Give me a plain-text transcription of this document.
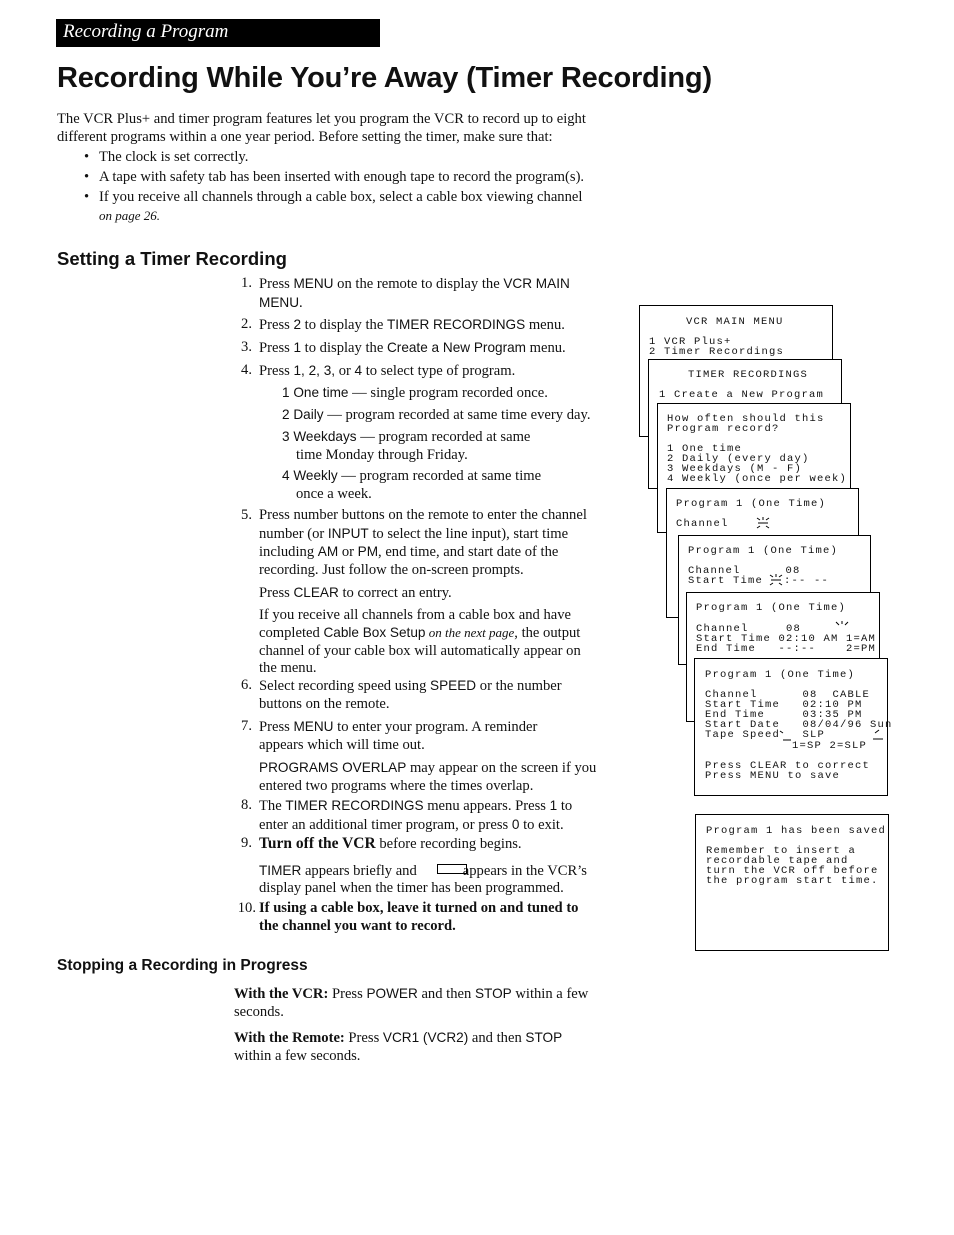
Recording a Program
Recording While You’re Away (Timer Recording)
The VCR Plus+ and timer program features let you program the VCR to record up to eight
different programs within a one year period. Before setting the timer, make sure that:
• The clock is set correctly.
• A tape with safety tab has been inserted with enough tape to record the program(s).
• If you receive all channels through a cable box, select a cable box viewing channel
on page 26.
Setting a Timer Recording
1. Press MENU on the remote to display the VCR MAIN
MENU.
2. Press 2 to display the TIMER RECORDINGS menu.
3. Press 1 to display the Create a New Program menu.
4. Press 1, 2, 3, or 4 to select type of program.
1 One time — single program recorded once.
2 Daily — program recorded at same time every day.
3 Weekdays — program recorded at same
time Monday through Friday.
4 Weekly — program recorded at same time
once a week.
5. Press number buttons on the remote to enter the channel
number (or INPUT to select the line input), start time
including AM or PM, end time, and start date of the
recording. Just follow the on-screen prompts.
Press CLEAR to correct an entry.
If you receive all channels from a cable box and have
completed Cable Box Setup on the next page, the output
channel of your cable box will automatically appear on
the menu.
6. Select recording speed using SPEED or the number
buttons on the remote.
7. Press MENU to enter your program. A reminder
appears which will time out.
PROGRAMS OVERLAP may appear on the screen if you
entered two programs where the times overlap.
8. The TIMER RECORDINGS menu appears. Press 1 to
enter an additional timer program, or press 0 to exit.
9. Turn off the VCR before recording begins.
TIMER appears briefly and	appears in the VCR’s
display panel when the timer has been programmed.
10. If using a cable box, leave it turned on and tuned to
the channel you want to record.
Stopping a Recording in Progress
With the VCR: Press POWER and then STOP within a few
seconds.
With the Remote: Press VCR1 (VCR2) and then STOP
within a few seconds.

VCR MAIN MENU

1 VCR Plus+

2 Timer Recordings

TIMER RECORDINGS

1 Create a New Program

How often should this

Program record?

1 One time

2 Daily (every day)

3 Weekdays (M - F)

4 Weekly (once per week)

Program 1 (One Time)

Channel

Program 1 (One Time)

Channel      08

Start Time

:-- --

Program 1 (One Time)

Channel     08

Start Time 02:10 AM 1=AM

End Time   --:--    2=PM

Program 1 (One Time)

Channel      08  CABLE

Start Time   02:10 PM

End Time     03:35 PM

Start Date   08/04/96 Sun

Tape Speed   SLP

1=SP 2=SLP

Press CLEAR to correct

Press MENU to save

Program 1 has been saved

Remember to insert a

recordable tape and

turn the VCR off before

the program start time.
